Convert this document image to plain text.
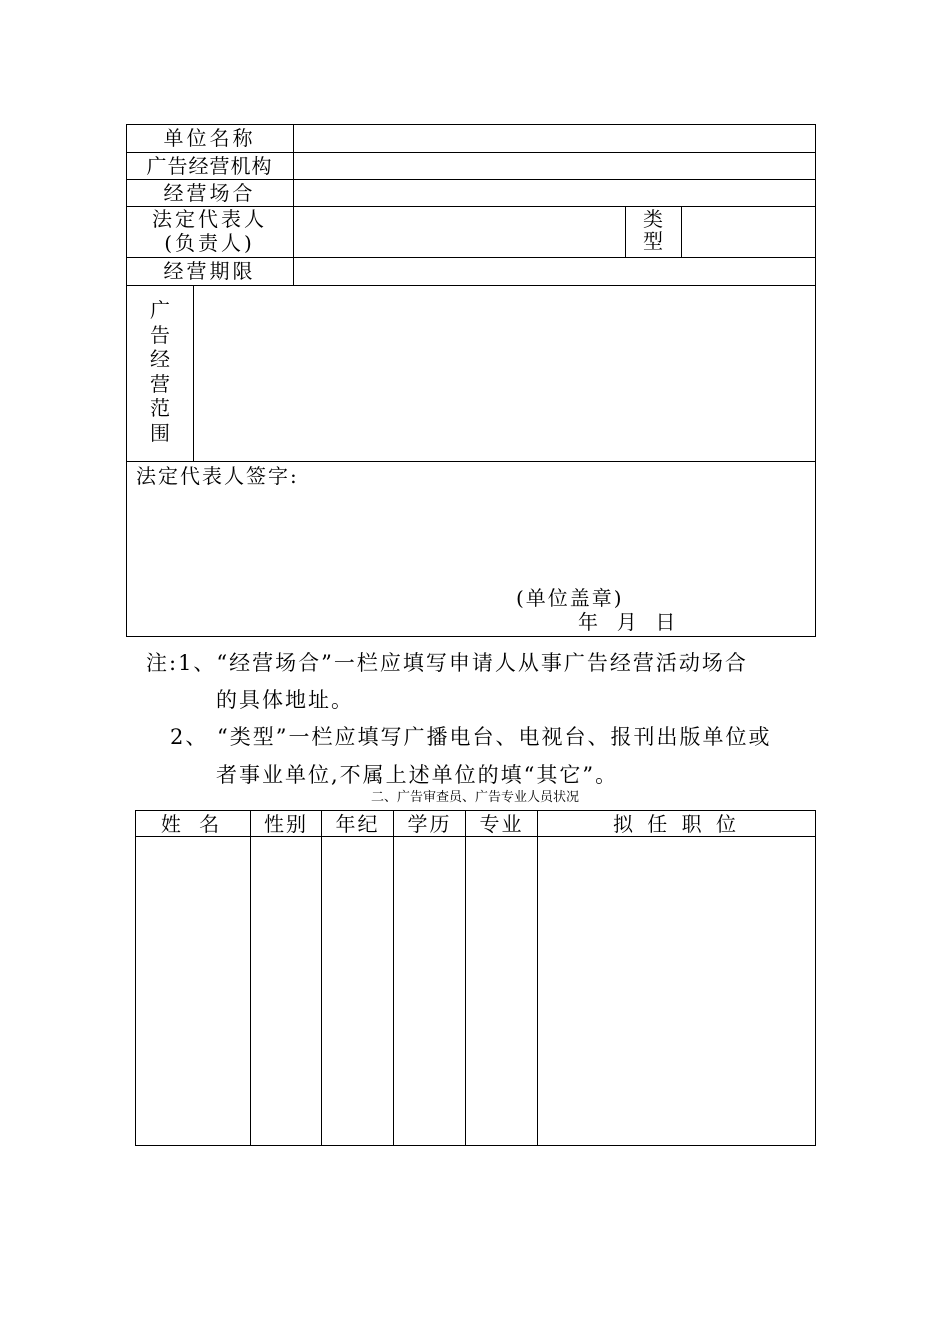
单位名称
广告经营机构
经营场合
法定代表人
(负责人)
类型
经营期限
广告经营范围
法定代表人签字:
(单位盖章)
年  月  日
注:1、“经营场合”一栏应填写申请人从事广告经营活动场合
的具体地址。
2、 “类型”一栏应填写广播电台、电视台、报刊出版单位或
者事业单位,不属上述单位的填“其它”。
二、广告审查员、广告专业人员状况
姓 名	性别	年纪	学历	专业	拟 任 职 位
